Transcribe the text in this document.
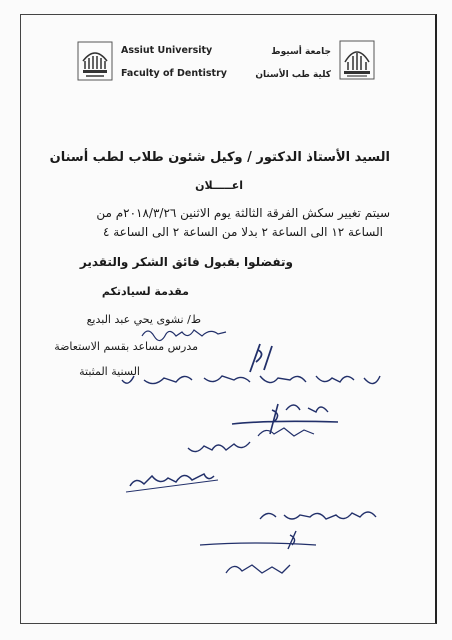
Assiut University
Faculty of Dentistry
جامعة أسيوط
كلية طب الأسنان
السيد الأستاذ الدكتور / وكيل شئون طلاب لطب أسنان
اعـــــلان
سيتم تغيير سكش الفرقة الثالثة يوم الاثنين ٢٠١٨/٣/٢٦م من
الساعة ١٢ الى الساعة ٢ بدلا من الساعة ٢ الى الساعة ٤
وتفضلوا بقبول فائق الشكر والتقدير
مقدمة لسيادتكم
ط/ نشوى يحي عبد البديع
مدرس مساعد بقسم الاستعاضة
السنية المثبتة
